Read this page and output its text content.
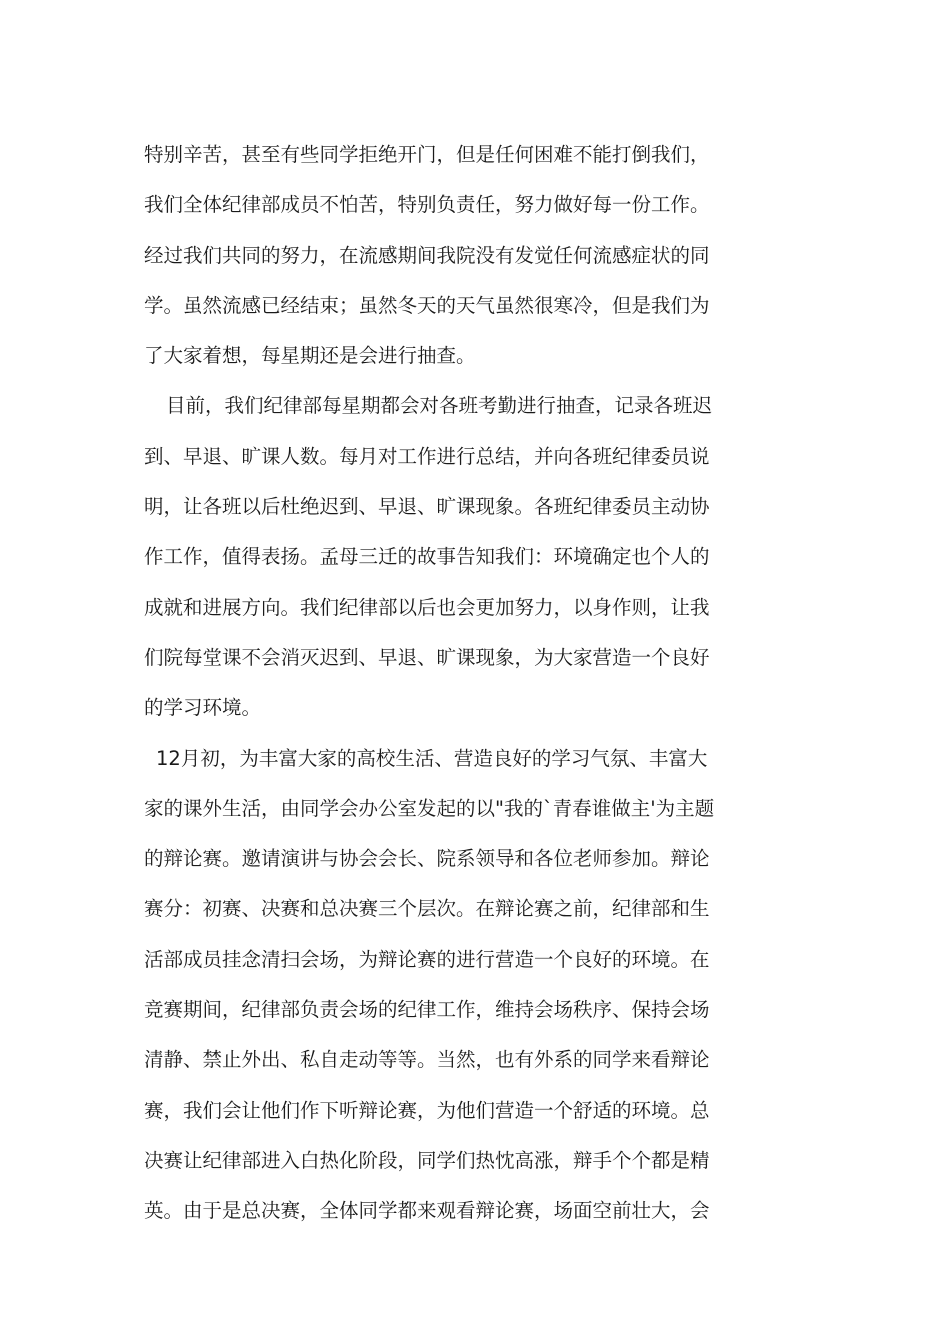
特别辛苦，甚至有些同学拒绝开门，但是任何困难不能打倒我们，
我们全体纪律部成员不怕苦，特别负责任，努力做好每一份工作。
经过我们共同的努力，在流感期间我院没有发觉任何流感症状的同
学。虽然流感已经结束；虽然冬天的天气虽然很寒冷，但是我们为
了大家着想，每星期还是会进行抽查。
目前，我们纪律部每星期都会对各班考勤进行抽查，记录各班迟
到、早退、旷课人数。每月对工作进行总结，并向各班纪律委员说
明，让各班以后杜绝迟到、早退、旷课现象。各班纪律委员主动协
作工作，值得表扬。孟母三迁的故事告知我们：环境确定也个人的
成就和进展方向。我们纪律部以后也会更加努力，以身作则，让我
们院每堂课不会消灭迟到、早退、旷课现象，为大家营造一个良好
的学习环境。
12月初，为丰富大家的高校生活、营造良好的学习气氛、丰富大
家的课外生活，由同学会办公室发起的以"我的`青春谁做主'为主题
的辩论赛。邀请演讲与协会会长、院系领导和各位老师参加。辩论
赛分：初赛、决赛和总决赛三个层次。在辩论赛之前，纪律部和生
活部成员挂念清扫会场，为辩论赛的进行营造一个良好的环境。在
竞赛期间，纪律部负责会场的纪律工作，维持会场秩序、保持会场
清静、禁止外出、私自走动等等。当然，也有外系的同学来看辩论
赛，我们会让他们作下听辩论赛，为他们营造一个舒适的环境。总
决赛让纪律部进入白热化阶段，同学们热忱高涨，辩手个个都是精
英。由于是总决赛，全体同学都来观看辩论赛，场面空前壮大，会
